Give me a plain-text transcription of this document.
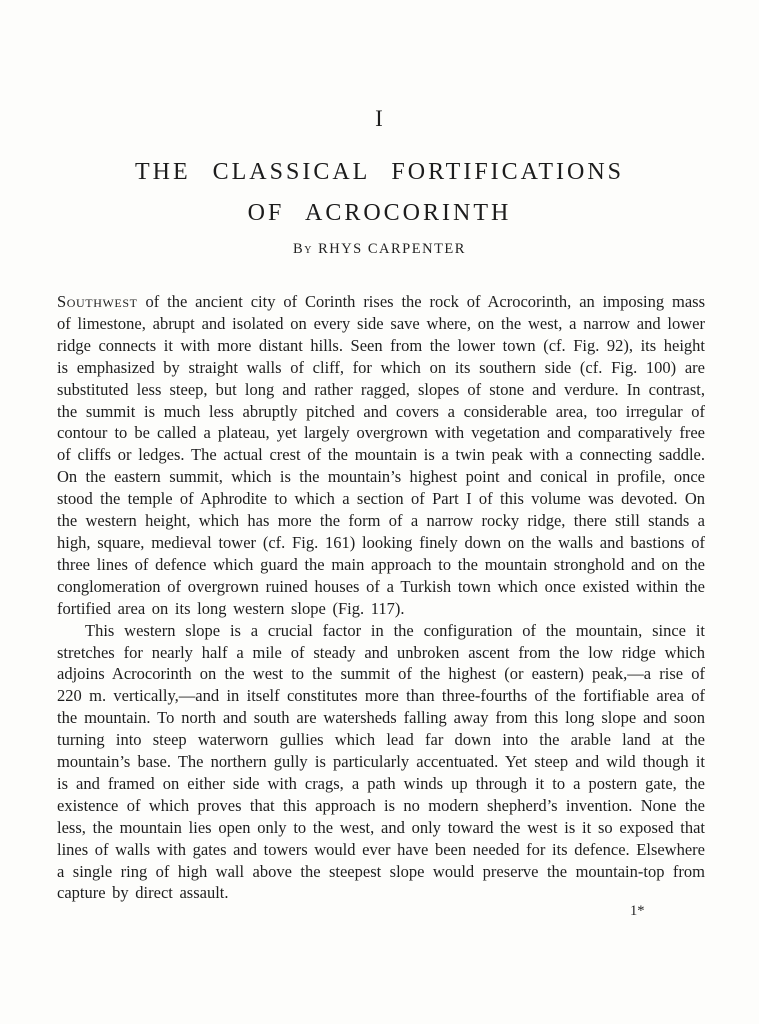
I
THE CLASSICAL FORTIFICATIONS
OF ACROCORINTH
By RHYS CARPENTER

Southwest of the ancient city of Corinth rises the rock of Acrocorinth, an imposing mass of limestone, abrupt and isolated on every side save where, on the west, a narrow and lower ridge connects it with more distant hills. Seen from the lower town (cf. Fig. 92), its height is emphasized by straight walls of cliff, for which on its southern side (cf. Fig. 100) are substituted less steep, but long and rather ragged, slopes of stone and verdure. In contrast, the summit is much less abruptly pitched and covers a considerable area, too irregular of contour to be called a plateau, yet largely overgrown with vegetation and comparatively free of cliffs or ledges. The actual crest of the mountain is a twin peak with a connecting saddle. On the eastern summit, which is the mountain’s highest point and conical in profile, once stood the temple of Aphrodite to which a section of Part I of this volume was devoted. On the western height, which has more the form of a narrow rocky ridge, there still stands a high, square, medieval tower (cf. Fig. 161) looking finely down on the walls and bastions of three lines of defence which guard the main approach to the mountain stronghold and on the conglomeration of overgrown ruined houses of a Turkish town which once existed within the fortified area on its long western slope (Fig. 117).

This western slope is a crucial factor in the configuration of the mountain, since it stretches for nearly half a mile of steady and unbroken ascent from the low ridge which adjoins Acrocorinth on the west to the summit of the highest (or eastern) peak,—a rise of 220 m. vertically,—and in itself constitutes more than three-fourths of the fortifiable area of the mountain. To north and south are watersheds falling away from this long slope and soon turning into steep waterworn gullies which lead far down into the arable land at the mountain’s base. The northern gully is particularly accentuated. Yet steep and wild though it is and framed on either side with crags, a path winds up through it to a postern gate, the existence of which proves that this approach is no modern shepherd’s invention. None the less, the mountain lies open only to the west, and only toward the west is it so exposed that lines of walls with gates and towers would ever have been needed for its defence. Elsewhere a single ring of high wall above the steepest slope would preserve the mountain-top from capture by direct assault.

1*
